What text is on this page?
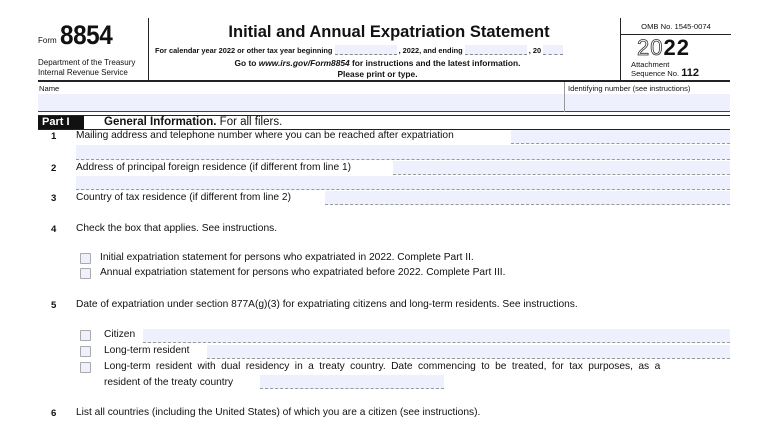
Form 8854
Department of the Treasury
Internal Revenue Service
Initial and Annual Expatriation Statement
For calendar year 2022 or other tax year beginning	, 2022, and ending	, 20
Go to www.irs.gov/Form8854 for instructions and the latest information.
Please print or type.
OMB No. 1545-0074
2022
Attachment
Sequence No. 112
Name	Identifying number (see instructions)
Part I	General Information. For all filers.
1 Mailing address and telephone number where you can be reached after expatriation
2 Address of principal foreign residence (if different from line 1)
3 Country of tax residence (if different from line 2)
4 Check the box that applies. See instructions.
Initial expatriation statement for persons who expatriated in 2022. Complete Part II.
Annual expatriation statement for persons who expatriated before 2022. Complete Part III.
5 Date of expatriation under section 877A(g)(3) for expatriating citizens and long-term residents. See instructions.
Citizen
Long-term resident
Long-term resident with dual residency in a treaty country. Date commencing to be treated, for tax purposes, as a
resident of the treaty country
6 List all countries (including the United States) of which you are a citizen (see instructions).
